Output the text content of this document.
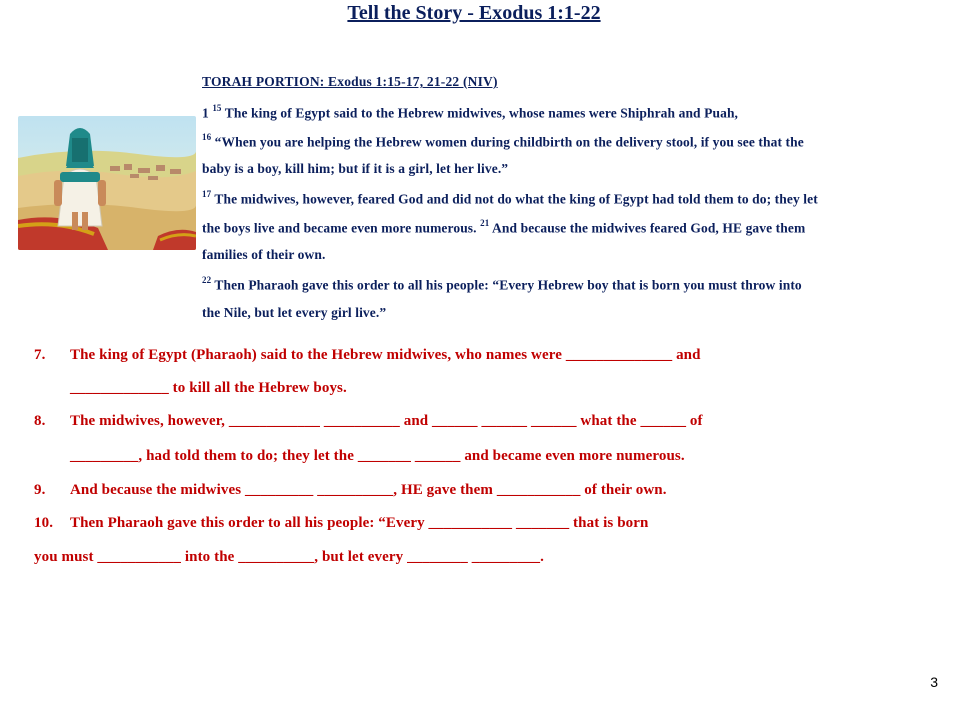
Tell the Story - Exodus 1:1-22
TORAH PORTION: Exodus 1:15-17, 21-22 (NIV)
1 $^{15}$ The king of Egypt said to the Hebrew midwives, whose names were Shiphrah and Puah,
$^{16}$ “When you are helping the Hebrew women during childbirth on the delivery stool, if you see that the
baby is a boy, kill him; but if it is a girl, let her live.”
$^{17}$ The midwives, however, feared God and did not do what the king of Egypt had told them to do; they let
the boys live and became even more numerous. $^{21}$ And because the midwives feared God, HE gave them
families of their own.
$^{22}$ Then Pharaoh gave this order to all his people: “Every Hebrew boy that is born you must throw into
the Nile, but let every girl live.”
7. The king of Egypt (Pharaoh) said to the Hebrew midwives, who names were ______________ and
_____________ to kill all the Hebrew boys.
8. The midwives, however, ____________ __________ and ______ ______ ______ what the ______ of
_________, had told them to do; they let the _______ ______ and became even more numerous.
9. And because the midwives _________ __________, HE gave them ___________ of their own.
10. Then Pharaoh gave this order to all his people: “Every ___________ _______ that is born
you must ___________ into the __________, but let every ________ _________.
3
